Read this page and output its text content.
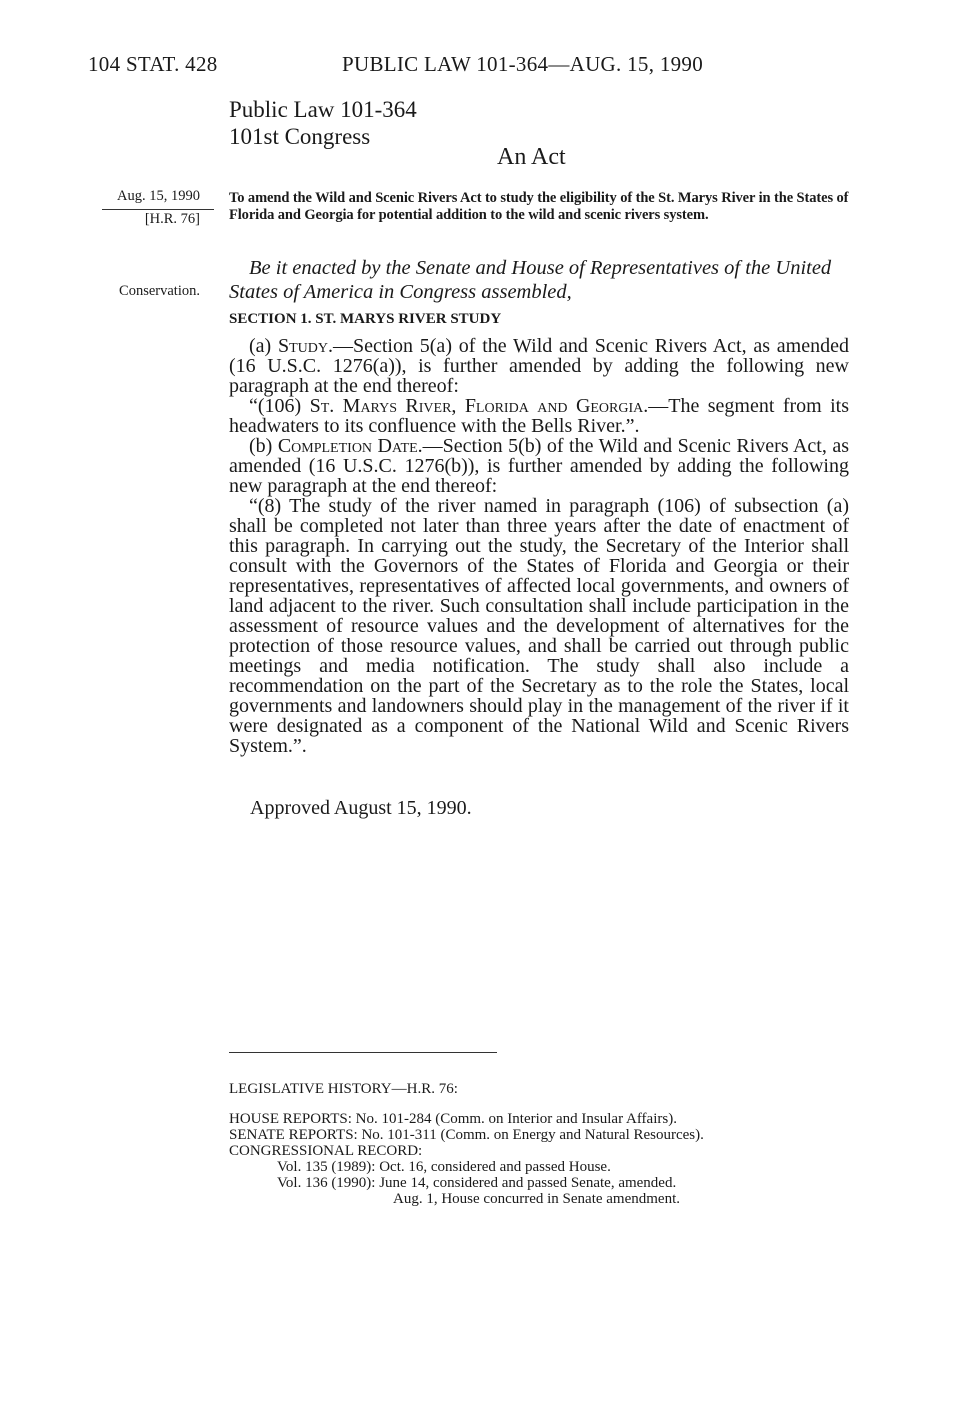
104 STAT. 428	PUBLIC LAW 101-364—AUG. 15, 1990
Public Law 101-364
101st Congress
An Act
Aug. 15, 1990
[H.R. 76]
Conservation.
To amend the Wild and Scenic Rivers Act to study the eligibility of the St. Marys River in the States of Florida and Georgia for potential addition to the wild and scenic rivers system.
Be it enacted by the Senate and House of Representatives of the United States of America in Congress assembled,
SECTION 1. ST. MARYS RIVER STUDY

(a) Study.—Section 5(a) of the Wild and Scenic Rivers Act, as amended (16 U.S.C. 1276(a)), is further amended by adding the following new paragraph at the end thereof:

“(106) St. Marys River, Florida and Georgia.—The segment from its headwaters to its confluence with the Bells River.”.

(b) Completion Date.—Section 5(b) of the Wild and Scenic Rivers Act, as amended (16 U.S.C. 1276(b)), is further amended by adding the following new paragraph at the end thereof:

“(8) The study of the river named in paragraph (106) of subsection (a) shall be completed not later than three years after the date of enactment of this paragraph. In carrying out the study, the Secretary of the Interior shall consult with the Governors of the States of Florida and Georgia or their representatives, representatives of affected local governments, and owners of land adjacent to the river. Such consultation shall include participation in the assessment of resource values and the development of alternatives for the protection of those resource values, and shall be carried out through public meetings and media notification. The study shall also include a recommendation on the part of the Secretary as to the role the States, local governments and landowners should play in the management of the river if it were designated as a component of the National Wild and Scenic Rivers System.”.

Approved August 15, 1990.
LEGISLATIVE HISTORY—H.R. 76:
HOUSE REPORTS: No. 101-284 (Comm. on Interior and Insular Affairs).
SENATE REPORTS: No. 101-311 (Comm. on Energy and Natural Resources).
CONGRESSIONAL RECORD:
Vol. 135 (1989): Oct. 16, considered and passed House.
Vol. 136 (1990): June 14, considered and passed Senate, amended.
Aug. 1, House concurred in Senate amendment.
